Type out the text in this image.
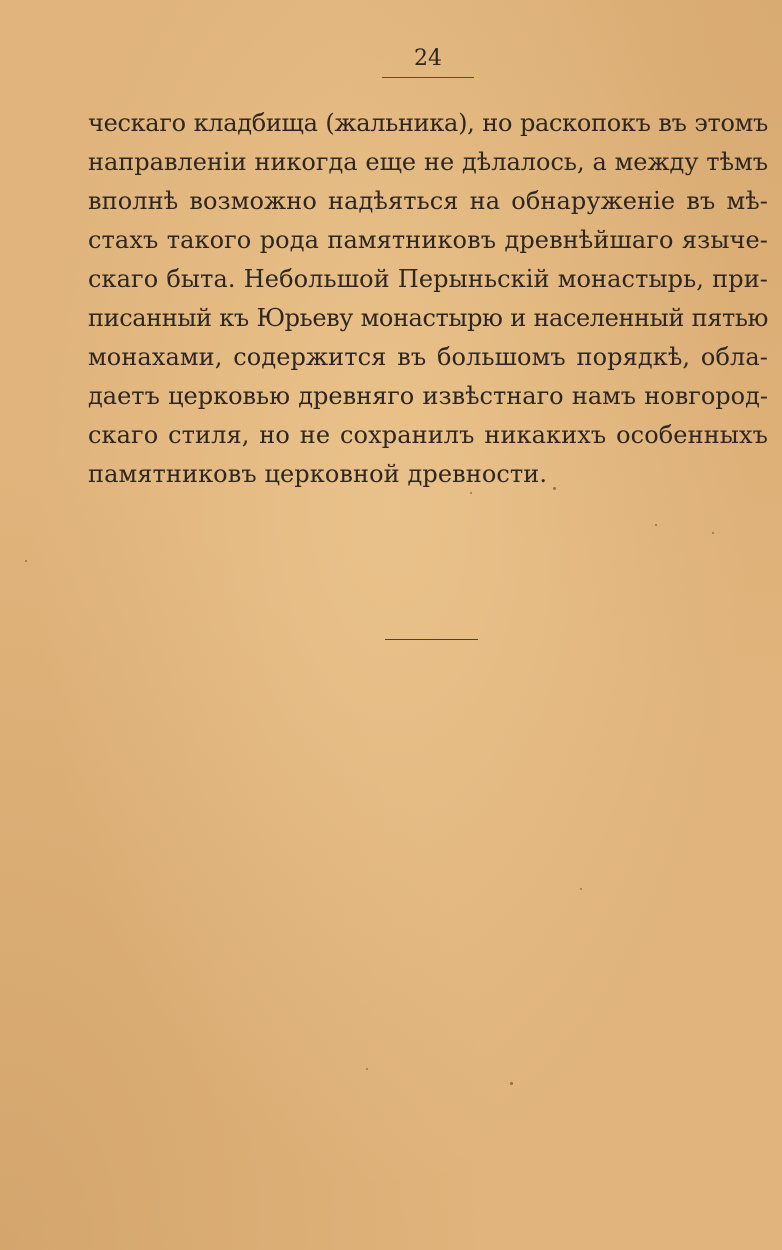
24
ческаго кладбища (жальника), но раскопокъ въ этомъ
направленіи никогда еще не дѣлалось, а между тѣмъ
вполнѣ возможно надѣяться на обнаруженіе въ мѣ-
стахъ такого рода памятниковъ древнѣйшаго языче-
скаго быта. Небольшой Перыньскій монастырь, при-
писанный къ Юрьеву монастырю и населенный пятью
монахами, содержится въ большомъ порядкѣ, обла-
даетъ церковью древняго извѣстнаго намъ новгород-
скаго стиля, но не сохранилъ никакихъ особенныхъ
памятниковъ церковной древности.
